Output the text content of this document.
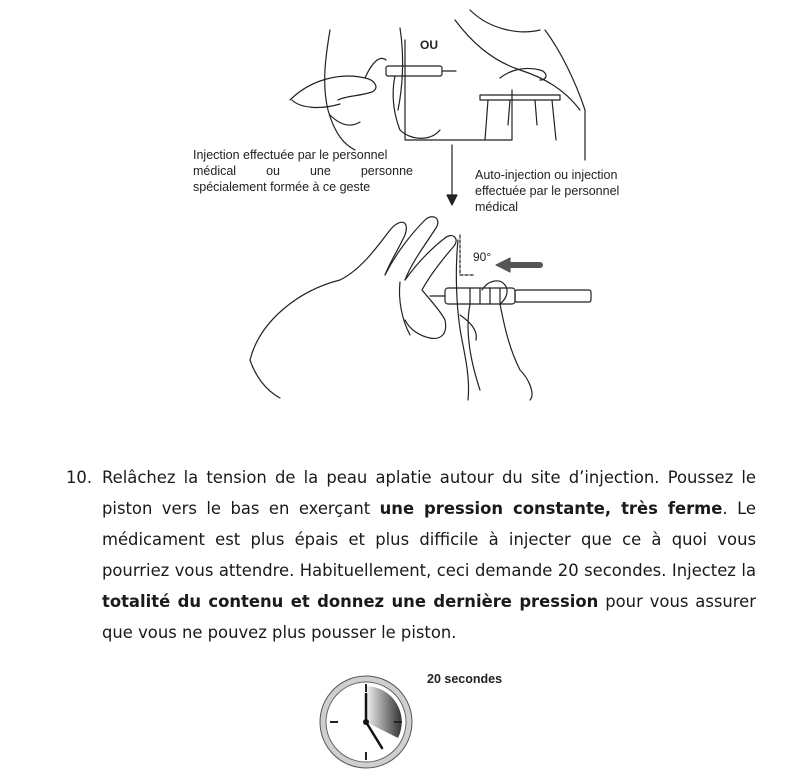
OU
Injection effectuée par le personnel
médical ou une personne
spécialement formée à ce geste
Auto-injection ou injection
effectuée par le personnel
médical
90°
10. Relâchez la tension de la peau aplatie autour du site d’injection. Poussez le piston vers le bas en exerçant une pression constante, très ferme. Le médicament est plus épais et plus difficile à injecter que ce à quoi vous pourriez vous attendre. Habituellement, ceci demande 20 secondes. Injectez la totalité du contenu et donnez une dernière pression pour vous assurer que vous ne pouvez plus pousser le piston.
20 secondes
